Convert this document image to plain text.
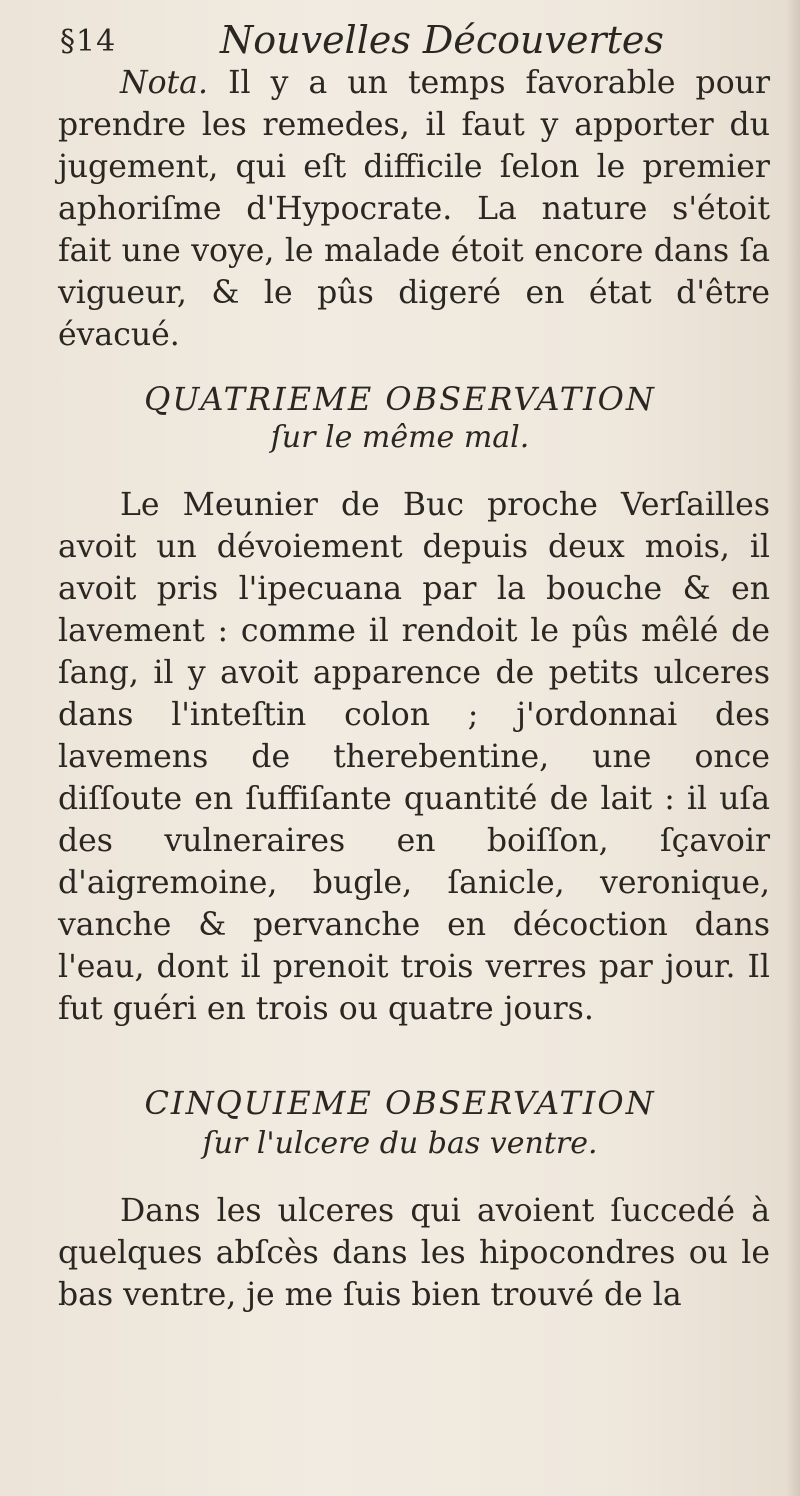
§14	Nouvelles Découvertes

Nota. Il y a un temps favorable pour prendre les remedes, il faut y apporter du jugement, qui eſt difficile ſelon le premier aphoriſme d'Hypocrate. La nature s'étoit fait une voye, le malade étoit encore dans ſa vigueur, & le pûs digeré en état d'être évacué.

QUATRIEME OBSERVATION
ſur le même mal.

Le Meunier de Buc proche Verſailles avoit un dévoiement depuis deux mois, il avoit pris l'ipecuana par la bouche & en lavement : comme il rendoit le pûs mêlé de ſang, il y avoit apparence de petits ulceres dans l'inteſtin colon ; j'ordonnai des lavemens de therebentine, une once diſſoute en ſuffiſante quantité de lait : il uſa des vulneraires en boiſſon, ſçavoir d'aigremoine, bugle, ſanicle, veronique, vanche & pervanche en décoction dans l'eau, dont il prenoit trois verres par jour. Il fut guéri en trois ou quatre jours.

CINQUIEME OBSERVATION
ſur l'ulcere du bas ventre.

Dans les ulceres qui avoient ſuccedé à quelques abſcès dans les hipocondres ou le bas ventre, je me ſuis bien trouvé de la
